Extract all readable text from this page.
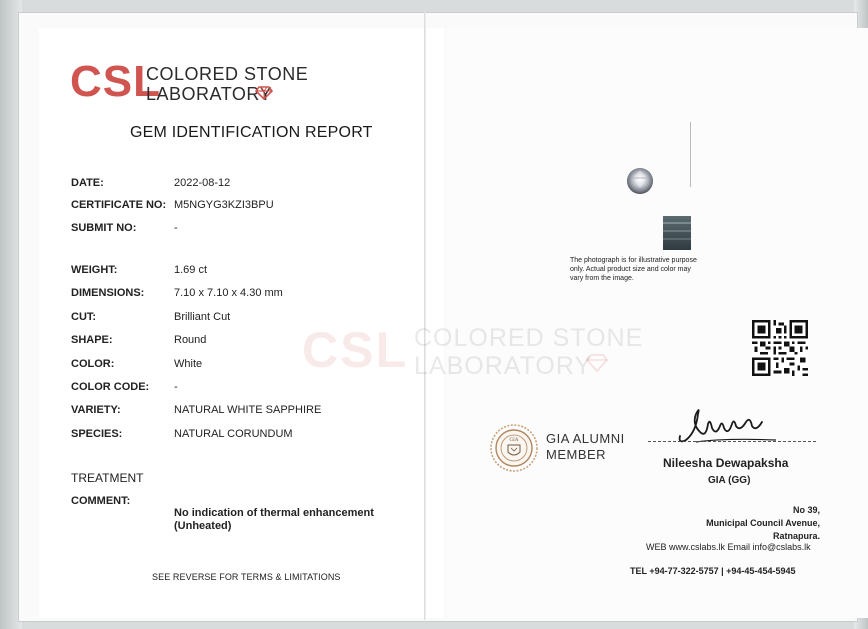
CSL
COLORED STONE
LABORATORY
GEM IDENTIFICATION REPORT
DATE:	2022-08-12
CERTIFICATE NO: M5NGYG3KZI3BPU
SUBMIT NO:	-
WEIGHT:	1.69 ct
DIMENSIONS:	7.10 x 7.10 x 4.30 mm
CUT:	Brilliant Cut
SHAPE:	Round
COLOR:	White
COLOR CODE: -
VARIETY:	NATURAL WHITE SAPPHIRE
SPECIES:	NATURAL CORUNDUM
TREATMENT
COMMENT:
No indication of thermal enhancement
(Unheated)
SEE REVERSE FOR TERMS & LIMITATIONS
CSL COLORED STONE
LABORATORY
The photograph is for illustrative purpose
only. Actual product size and color may
vary from the image.
GIA GIA ALUMNI
MEMBER
Nileesha Dewapaksha
GIA (GG)
No 39,
Municipal Council Avenue,
Ratnapura.
WEB www.cslabs.lk Email info@cslabs.lk
TEL +94-77-322-5757 | +94-45-454-5945
